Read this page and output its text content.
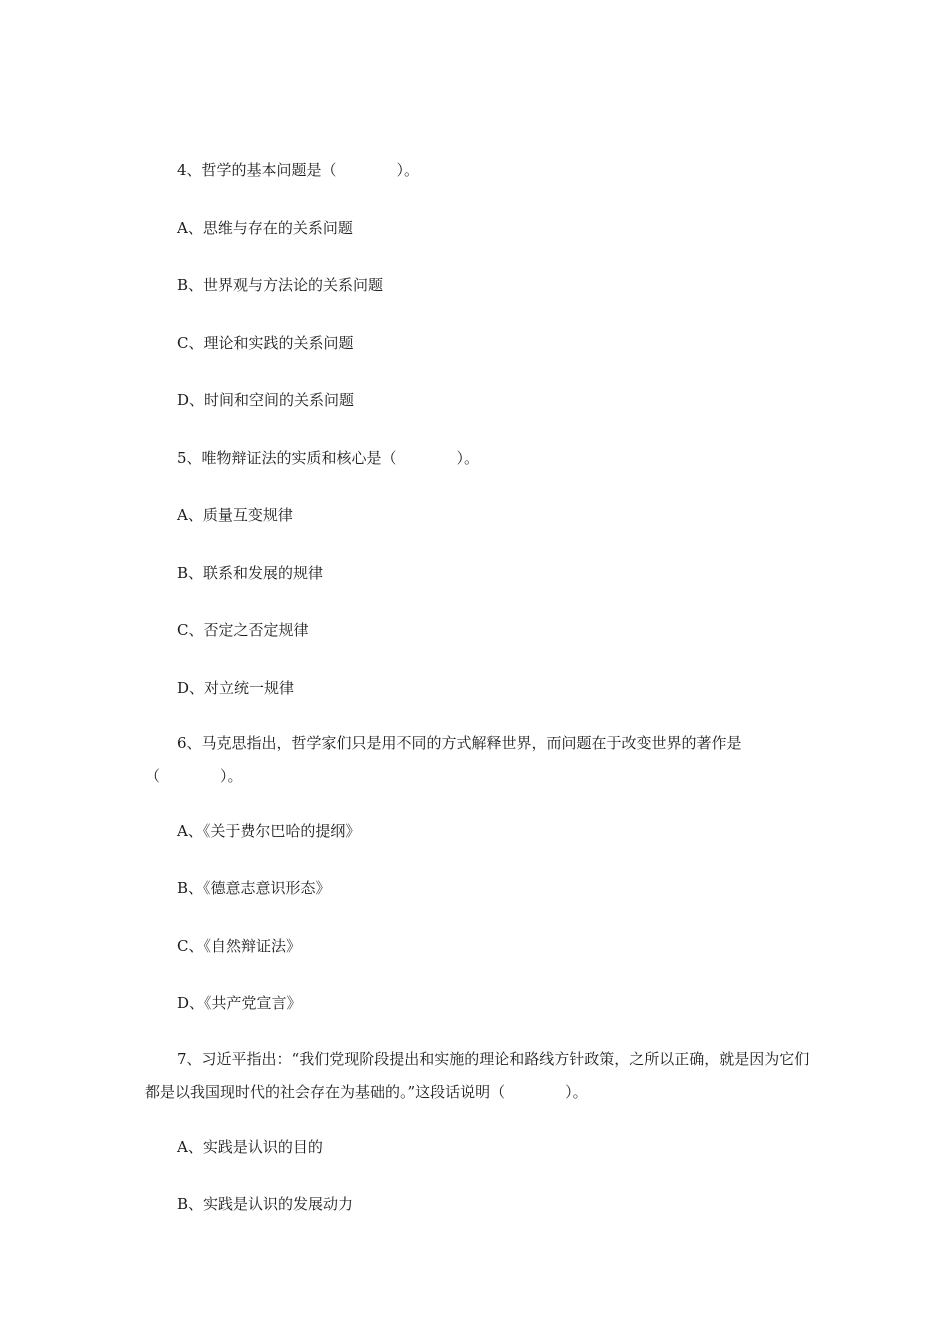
4、哲学的基本问题是（　　　　）。
A、思维与存在的关系问题
B、世界观与方法论的关系问题
C、理论和实践的关系问题
D、时间和空间的关系问题
5、唯物辩证法的实质和核心是（　　　　）。
A、质量互变规律
B、联系和发展的规律
C、否定之否定规律
D、对立统一规律
6、马克思指出，哲学家们只是用不同的方式解释世界，而问题在于改变世界的著作是（　　　　）。
A、《关于费尔巴哈的提纲》
B、《德意志意识形态》
C、《自然辩证法》
D、《共产党宣言》
7、习近平指出：“我们党现阶段提出和实施的理论和路线方针政策，之所以正确，就是因为它们都是以我国现时代的社会存在为基础的。”这段话说明（　　　　）。
A、实践是认识的目的
B、实践是认识的发展动力
